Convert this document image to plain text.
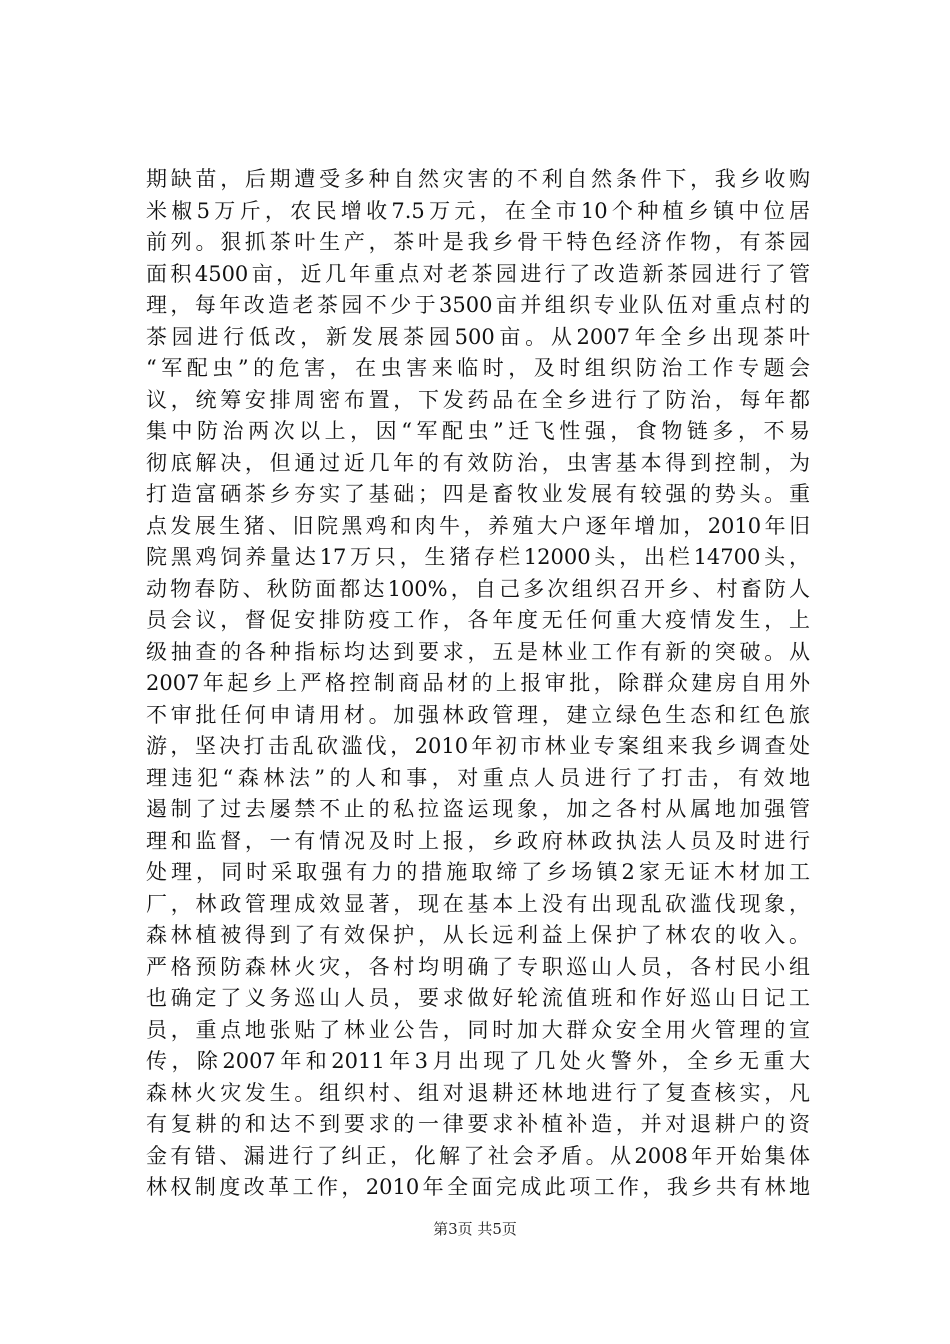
期缺苗，后期遭受多种自然灾害的不利自然条件下，我乡收购
米椒5万斤，农民增收7.5万元，在全市10个种植乡镇中位居
前列。狠抓茶叶生产，茶叶是我乡骨干特色经济作物，有茶园
面积4500亩，近几年重点对老茶园进行了改造新茶园进行了管
理，每年改造老茶园不少于3500亩并组织专业队伍对重点村的
茶园进行低改，新发展茶园500亩。从2007年全乡出现茶叶
“军配虫”的危害，在虫害来临时，及时组织防治工作专题会
议，统筹安排周密布置，下发药品在全乡进行了防治，每年都
集中防治两次以上，因“军配虫”迁飞性强，食物链多，不易
彻底解决，但通过近几年的有效防治，虫害基本得到控制，为
打造富硒茶乡夯实了基础；四是畜牧业发展有较强的势头。重
点发展生猪、旧院黑鸡和肉牛，养殖大户逐年增加，2010年旧
院黑鸡饲养量达17万只，生猪存栏12000头，出栏14700头，
动物春防、秋防面都达100%，自己多次组织召开乡、村畜防人
员会议，督促安排防疫工作，各年度无任何重大疫情发生，上
级抽查的各种指标均达到要求，五是林业工作有新的突破。从
2007年起乡上严格控制商品材的上报审批，除群众建房自用外
不审批任何申请用材。加强林政管理，建立绿色生态和红色旅
游，坚决打击乱砍滥伐，2010年初市林业专案组来我乡调查处
理违犯“森林法”的人和事，对重点人员进行了打击，有效地
遏制了过去屡禁不止的私拉盗运现象，加之各村从属地加强管
理和监督，一有情况及时上报，乡政府林政执法人员及时进行
处理，同时采取强有力的措施取缔了乡场镇2家无证木材加工
厂，林政管理成效显著，现在基本上没有出现乱砍滥伐现象，
森林植被得到了有效保护，从长远利益上保护了林农的收入。
严格预防森林火灾，各村均明确了专职巡山人员，各村民小组
也确定了义务巡山人员，要求做好轮流值班和作好巡山日记工
员，重点地张贴了林业公告，同时加大群众安全用火管理的宣
传，除2007年和2011年3月出现了几处火警外，全乡无重大
森林火灾发生。组织村、组对退耕还林地进行了复查核实，凡
有复耕的和达不到要求的一律要求补植补造，并对退耕户的资
金有错、漏进行了纠正，化解了社会矛盾。从2008年开始集体
林权制度改革工作，2010年全面完成此项工作，我乡共有林地
第3页 共5页
